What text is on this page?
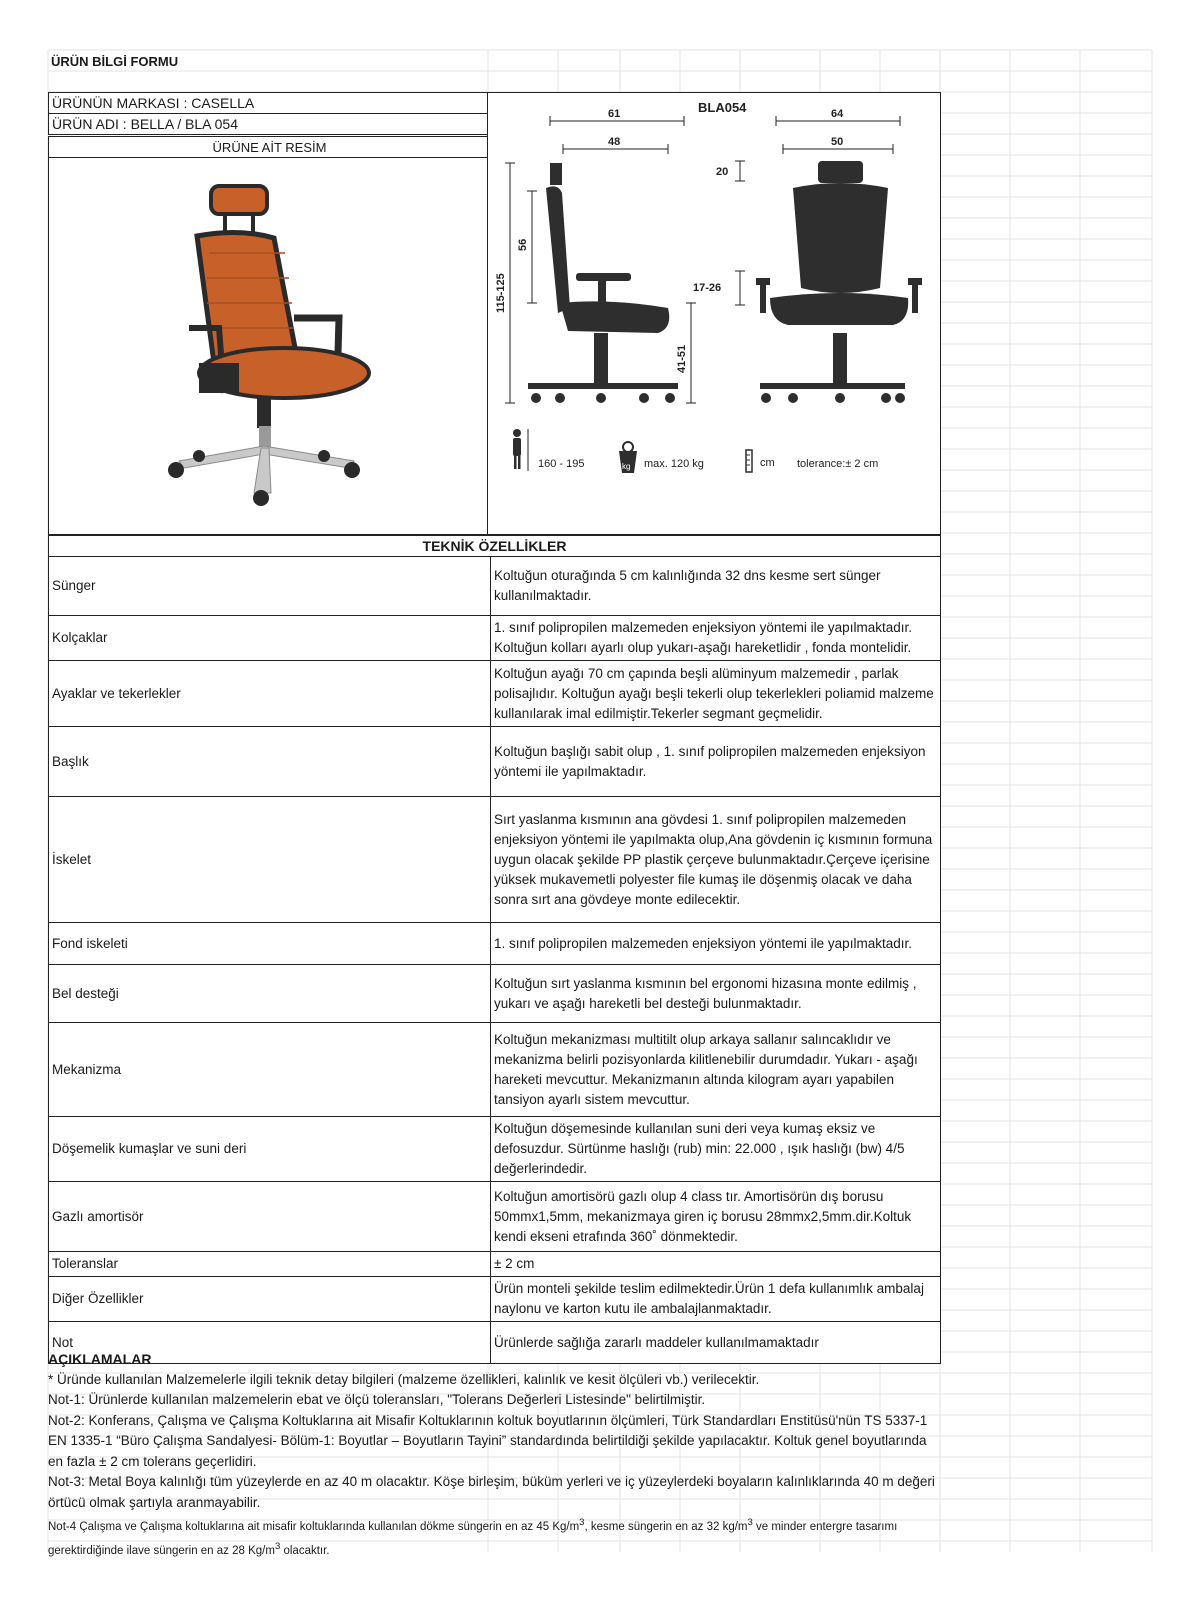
ÜRÜN BİLGİ FORMU
ÜRÜNÜN MARKASI : CASELLA
ÜRÜN ADI : BELLA / BLA 054
ÜRÜNE AİT RESİM
BLA054
61
48
64
50
115-125
56
41-51
20
17-26
160 - 195	kg max. 120 kg	cm tolerance:± 2 cm
TEKNİK ÖZELLİKLER
Sünger	Koltuğun oturağında 5 cm kalınlığında 32 dns kesme sert sünger kullanılmaktadır.
Kolçaklar	1. sınıf polipropilen malzemeden enjeksiyon yöntemi ile yapılmaktadır. Koltuğun kolları ayarlı olup yukarı-aşağı hareketlidir , fonda montelidir.
Ayaklar ve tekerlekler	Koltuğun ayağı 70 cm çapında beşli alüminyum malzemedir , parlak polisajlıdır. Koltuğun ayağı beşli tekerli olup tekerlekleri poliamid malzeme kullanılarak imal edilmiştir.Tekerler segmant geçmelidir.
Başlık	Koltuğun başlığı sabit olup , 1. sınıf polipropilen malzemeden enjeksiyon yöntemi ile yapılmaktadır.
İskelet	Sırt yaslanma kısmının ana gövdesi 1. sınıf polipropilen malzemeden enjeksiyon yöntemi ile yapılmakta olup,Ana gövdenin iç kısmının formuna uygun olacak şekilde PP plastik çerçeve bulunmaktadır.Çerçeve içerisine yüksek mukavemetli polyester file kumaş ile döşenmiş olacak ve daha sonra sırt ana gövdeye monte edilecektir.
Fond iskeleti	1. sınıf polipropilen malzemeden enjeksiyon yöntemi ile yapılmaktadır.
Bel desteği	Koltuğun sırt yaslanma kısmının bel ergonomi hizasına monte edilmiş , yukarı ve aşağı hareketli bel desteği bulunmaktadır.
Mekanizma	Koltuğun mekanizması multitilt olup arkaya sallanır salıncaklıdır ve mekanizma belirli pozisyonlarda kilitlenebilir durumdadır. Yukarı - aşağı hareketi mevcuttur. Mekanizmanın altında kilogram ayarı yapabilen tansiyon ayarlı sistem mevcuttur.
Döşemelik kumaşlar ve suni deri	Koltuğun döşemesinde kullanılan suni deri veya kumaş eksiz ve defosuzdur. Sürtünme haslığı (rub) min: 22.000 , ışık haslığı (bw) 4/5 değerlerindedir.
Gazlı amortisör	Koltuğun amortisörü gazlı olup 4 class tır. Amortisörün dış borusu 50mmx1,5mm, mekanizmaya giren iç borusu 28mmx2,5mm.dir.Koltuk kendi ekseni etrafında 360˚ dönmektedir.
Toleranslar	± 2 cm
Diğer Özellikler	Ürün monteli şekilde teslim edilmektedir.Ürün 1 defa kullanımlık ambalaj naylonu ve karton kutu ile ambalajlanmaktadır.
Not	Ürünlerde sağlığa zararlı maddeler kullanılmamaktadır
AÇIKLAMALAR
* Üründe kullanılan Malzemelerle ilgili teknik detay bilgileri (malzeme özellikleri, kalınlık ve kesit ölçüleri vb.) verilecektir.
Not-1: Ürünlerde kullanılan malzemelerin ebat ve ölçü toleransları, "Tolerans Değerleri Listesinde" belirtilmiştir.
Not-2: Konferans, Çalışma ve Çalışma Koltuklarına ait Misafir Koltuklarının koltuk boyutlarının ölçümleri, Türk Standardları Enstitüsü'nün TS 5337-1 EN 1335-1 “Büro Çalışma Sandalyesi- Bölüm-1: Boyutlar – Boyutların Tayini” standardında belirtildiği şekilde yapılacaktır. Koltuk genel boyutlarında en fazla ± 2 cm tolerans geçerlidiri.
Not-3: Metal Boya kalınlığı tüm yüzeylerde en az 40 m olacaktır. Köşe birleşim, büküm yerleri ve iç yüzeylerdeki boyaların kalınlıklarında 40 m değeri örtücü olmak şartıyla aranmayabilir.
Not-4 Çalışma ve Çalışma koltuklarına ait misafir koltuklarında kullanılan dökme süngerin en az 45 $Kg/m^3$, kesme süngerin en az 32 $kg/m^3$ ve minder entergre tasarımı gerektirdiğinde ilave süngerin en az 28 $Kg/m^3$ olacaktır.
